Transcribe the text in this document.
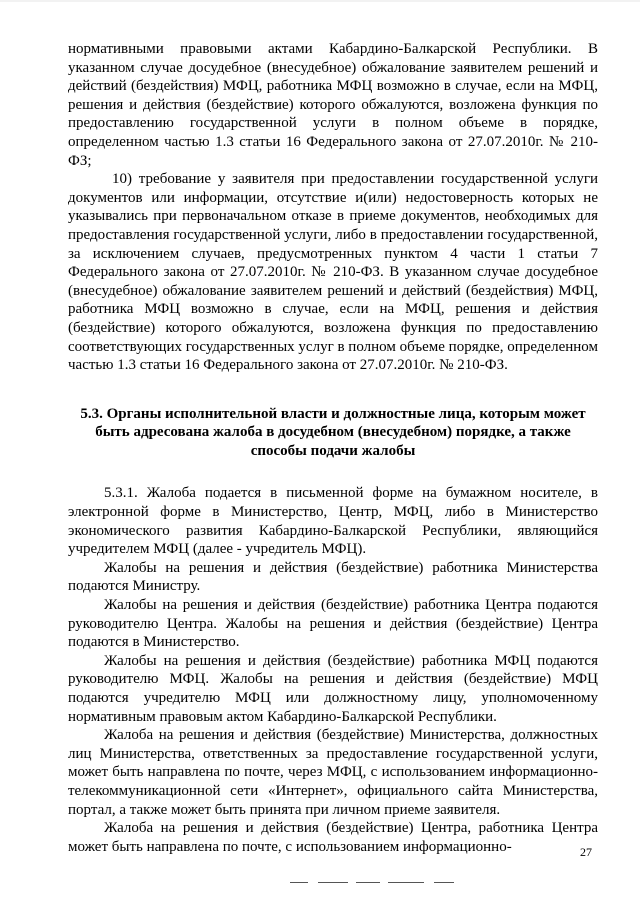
нормативными правовыми актами Кабардино-Балкарской Республики. В указанном случае досудебное (внесудебное) обжалование заявителем решений и действий (бездействия) МФЦ, работника МФЦ возможно в случае, если на МФЦ, решения и действия (бездействие) которого обжалуются, возложена функция по предоставлению государственной услуги в полном объеме в порядке, определенном частью 1.3 статьи 16 Федерального закона от 27.07.2010г. № 210-ФЗ;

10) требование у заявителя при предоставлении государственной услуги документов или информации, отсутствие и(или) недостоверность которых не указывались при первоначальном отказе в приеме документов, необходимых для предоставления государственной услуги, либо в предоставлении государственной, за исключением случаев, предусмотренных пунктом 4 части 1 статьи 7 Федерального закона от 27.07.2010г. № 210-ФЗ. В указанном случае досудебное (внесудебное) обжалование заявителем решений и действий (бездействия) МФЦ, работника МФЦ возможно в случае, если на МФЦ, решения и действия (бездействие) которого обжалуются, возложена функция по предоставлению соответствующих государственных услуг в полном объеме порядке, определенном частью 1.3 статьи 16 Федерального закона от 27.07.2010г. № 210-ФЗ.

5.3. Органы исполнительной власти и должностные лица, которым может быть адресована жалоба в досудебном (внесудебном) порядке, а также способы подачи жалобы

5.3.1. Жалоба подается в письменной форме на бумажном носителе, в электронной форме в Министерство, Центр, МФЦ, либо в Министерство экономического развития Кабардино-Балкарской Республики, являющийся учредителем МФЦ (далее - учредитель МФЦ).

Жалобы на решения и действия (бездействие) работника Министерства подаются Министру.

Жалобы на решения и действия (бездействие) работника Центра подаются руководителю Центра. Жалобы на решения и действия (бездействие) Центра подаются в Министерство.

Жалобы на решения и действия (бездействие) работника МФЦ подаются руководителю МФЦ. Жалобы на решения и действия (бездействие) МФЦ подаются учредителю МФЦ или должностному лицу, уполномоченному нормативным правовым актом Кабардино-Балкарской Республики.

Жалоба на решения и действия (бездействие) Министерства, должностных лиц Министерства, ответственных за предоставление государственной услуги, может быть направлена по почте, через МФЦ, с использованием информационно-телекоммуникационной сети «Интернет», официального сайта Министерства, портал, а также может быть принята при личном приеме заявителя.

Жалоба на решения и действия (бездействие) Центра, работника Центра может быть направлена по почте, с использованием информационно-	27
